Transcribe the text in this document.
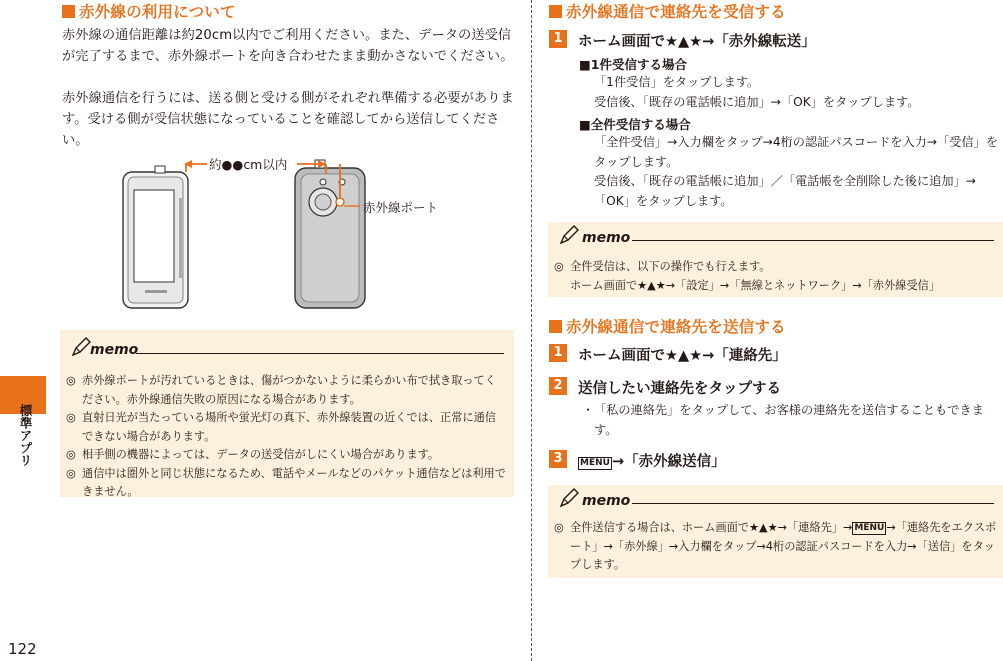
標準アプリ
122
赤外線の利用について
赤外線の通信距離は約20cm以内でご利用ください。また、データの送受信が完了するまで、赤外線ポートを向き合わせたまま動かさないでください。
赤外線通信を行うには、送る側と受ける側がそれぞれ準備する必要があります。受ける側が受信状態になっていることを確認してから送信してください。
約●●cm以内
赤外線ポート
memo
◎ 赤外線ポートが汚れているときは、傷がつかないように柔らかい布で拭き取ってください。赤外線通信失敗の原因になる場合があります。
◎ 直射日光が当たっている場所や蛍光灯の真下、赤外線装置の近くでは、正常に通信できない場合があります。
◎ 相手側の機器によっては、データの送受信がしにくい場合があります。
◎ 通信中は圏外と同じ状態になるため、電話やメールなどのパケット通信などは利用できません。
赤外線通信で連絡先を受信する
1	ホーム画面で★▲★→「赤外線転送」
■1件受信する場合
「1件受信」をタップします。
受信後、「既存の電話帳に追加」→「OK」をタップします。
■全件受信する場合
「全件受信」→入力欄をタップ→4桁の認証パスコードを入力→「受信」をタップします。
受信後、「既存の電話帳に追加」／「電話帳を全削除した後に追加」→「OK」をタップします。
memo
◎ 全件受信は、以下の操作でも行えます。
ホーム画面で★▲★→「設定」→「無線とネットワーク」→「赤外線受信」
赤外線通信で連絡先を送信する
1	ホーム画面で★▲★→「連絡先」
2	送信したい連絡先をタップする
・ 「私の連絡先」をタップして、お客様の連絡先を送信することもできます。
3	MENU →「赤外線送信」
memo
◎ 全件送信する場合は、ホーム画面で★▲★→「連絡先」→ MENU →「連絡先をエクスポート」→「赤外線」→入力欄をタップ→4桁の認証パスコードを入力→「送信」をタップします。
